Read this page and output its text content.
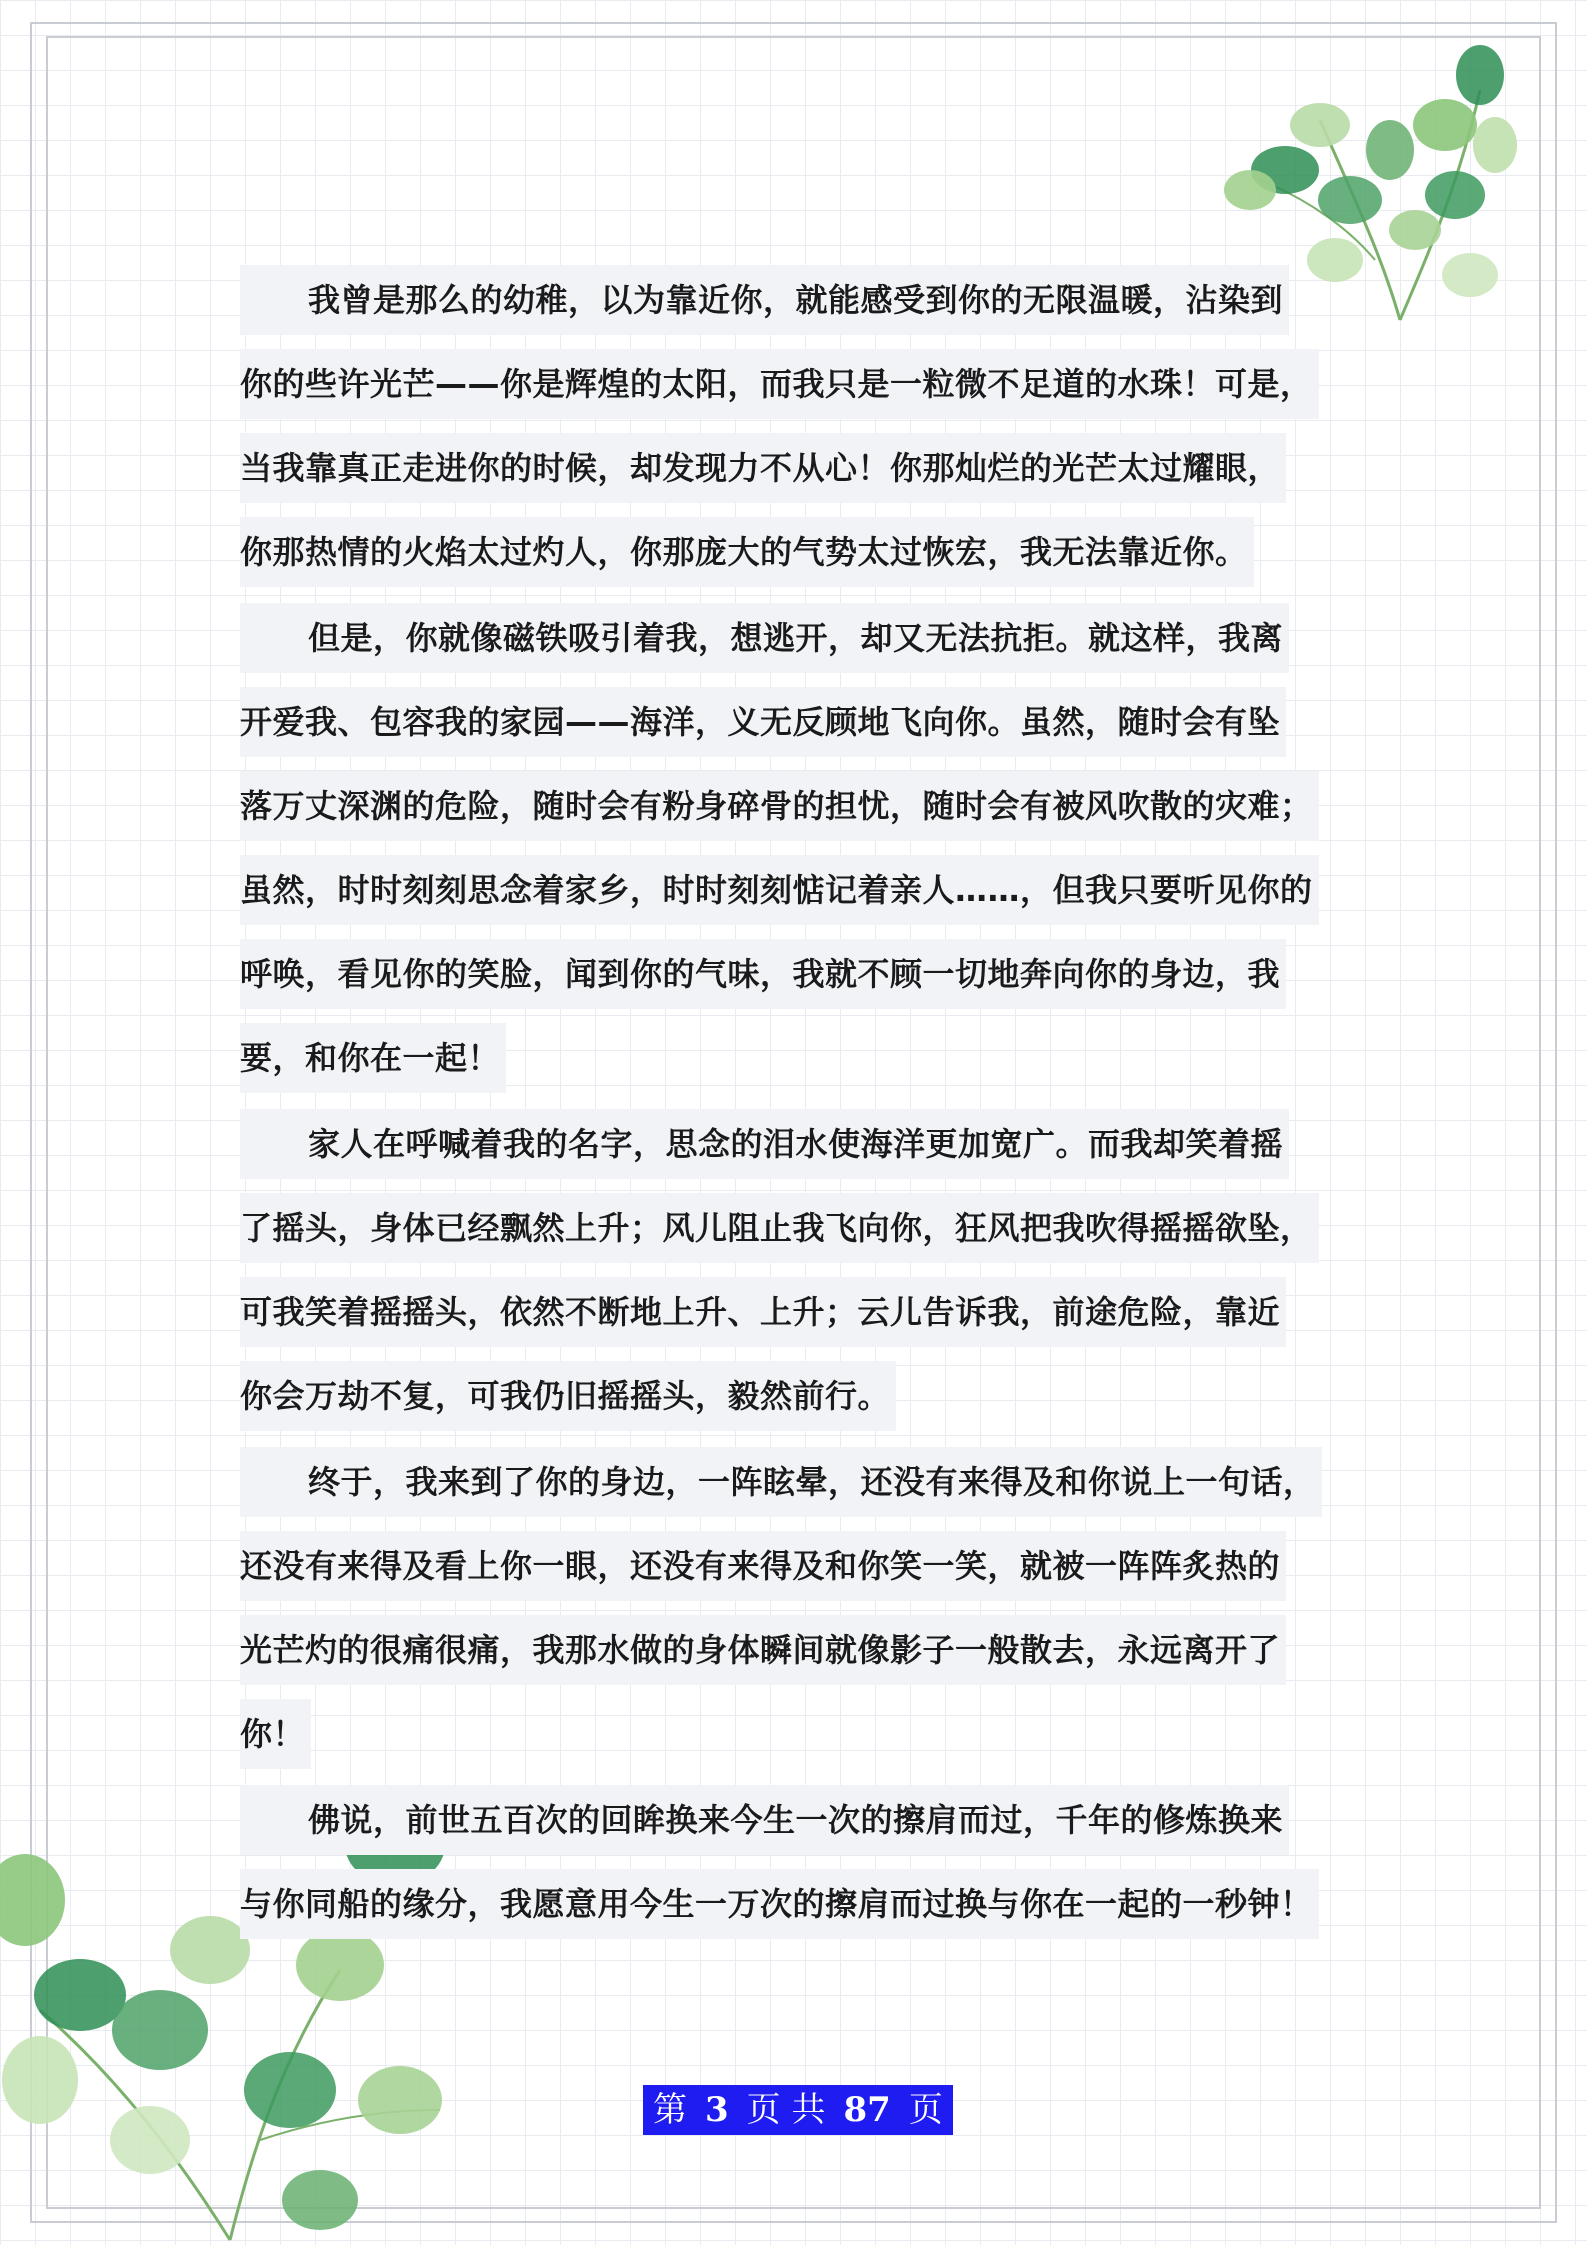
我曾是那么的幼稚，以为靠近你，就能感受到你的无限温暖，沾染到
你的些许光芒——你是辉煌的太阳，而我只是一粒微不足道的水珠！可是，
当我靠真正走进你的时候，却发现力不从心！你那灿烂的光芒太过耀眼，
你那热情的火焰太过灼人，你那庞大的气势太过恢宏，我无法靠近你。
但是，你就像磁铁吸引着我，想逃开，却又无法抗拒。就这样，我离
开爱我、包容我的家园——海洋，义无反顾地飞向你。虽然，随时会有坠
落万丈深渊的危险，随时会有粉身碎骨的担忧，随时会有被风吹散的灾难；
虽然，时时刻刻思念着家乡，时时刻刻惦记着亲人……，但我只要听见你的
呼唤，看见你的笑脸，闻到你的气味，我就不顾一切地奔向你的身边，我
要，和你在一起！
家人在呼喊着我的名字，思念的泪水使海洋更加宽广。而我却笑着摇
了摇头，身体已经飘然上升；风儿阻止我飞向你，狂风把我吹得摇摇欲坠，
可我笑着摇摇头，依然不断地上升、上升；云儿告诉我，前途危险，靠近
你会万劫不复，可我仍旧摇摇头，毅然前行。
终于，我来到了你的身边，一阵眩晕，还没有来得及和你说上一句话，
还没有来得及看上你一眼，还没有来得及和你笑一笑，就被一阵阵炙热的
光芒灼的很痛很痛，我那水做的身体瞬间就像影子一般散去，永远离开了
你！
佛说，前世五百次的回眸换来今生一次的擦肩而过，千年的修炼换来
与你同船的缘分，我愿意用今生一万次的擦肩而过换与你在一起的一秒钟！
第 3 页 共 87 页
